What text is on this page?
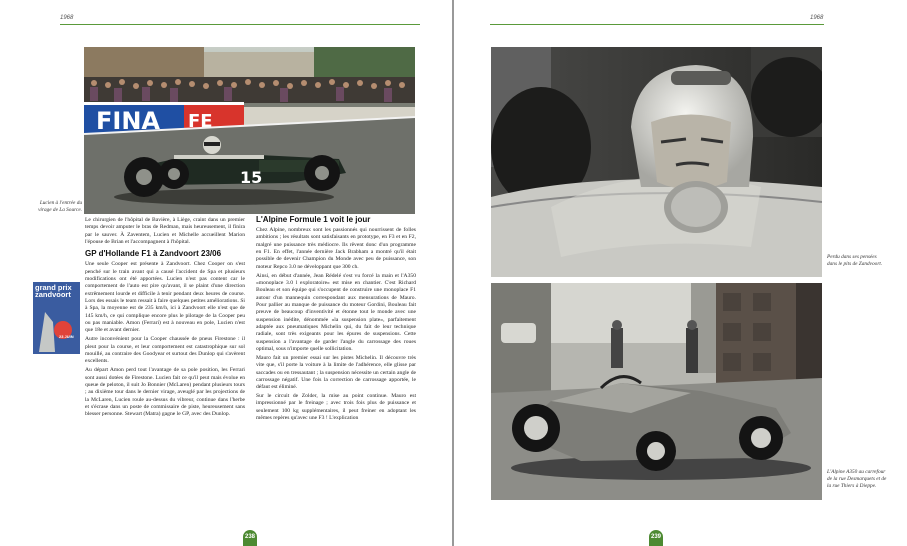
1968
FINA FE
15
Lucien à l'entrée du virage de La Source.
grand prix
zandvoort
23 JUIN

Le chirurgien de l'hôpital de Bavière, à Liège, craint dans un premier temps devoir amputer le bras de Redman, mais heureusement, il finira par le sauver. À Zaventem, Lucien et Michelle accueillent Marion l'épouse de Brian et l'accompagnent à l'hôpital.

GP d'Hollande F1 à Zandvoort 23/06

Une seule Cooper est présente à Zandvoort. Chez Cooper on s'est penché sur le train avant qui a causé l'accident de Spa et plusieurs modifications ont été apportées. Lucien n'est pas content car le comportement de l'auto est pire qu'avant, il se plaint d'une direction extrêmement lourde et difficile à tenir pendant deux heures de course. Lors des essais le team ressait à faire quelques petites améliorations. Si à Spa, la moyenne est de 235 km/h, ici à Zandvoort elle n'est que de 145 km/h, ce qui complique encore plus le pilotage de la Cooper peu ou pas maniable. Amon (Ferrari) est à nouveau en pole, Lucien n'est que 18e et avant dernier.

Autre inconvénient pour la Cooper chaussée de pneus Firestone : il pleut pour la course, et leur comportement est catastrophique sur sol mouillé, au contraire des Goodyear et surtout des Dunlop qui s'avèrent excellents.

Au départ Amon perd tout l'avantage de sa pole position, les Ferrari sont aussi dotées de Firestone. Lucien fait ce qu'il peut mais évolue en queue de peloton, il suit Jo Bonnier (McLaren) pendant plusieurs tours ; au dixième tour dans le dernier virage, aveuglé par les projections de la McLaren, Lucien roule au-dessus du vibreur, continue dans l'herbe et s'écrase dans un poste de commissaire de piste, heureusement sans blesser personne. Stewart (Matra) gagne le GP, avec des Dunlop.

L'Alpine Formule 1 voit le jour

Chez Alpine, nombreux sont les passionnés qui nourrissent de folles ambitions ; les résultats sont satisfaisants en prototype, en F3 et en F2, malgré une puissance très médiocre. Ils rêvent donc d'un programme en F1. En effet, l'année dernière Jack Brabham a montré qu'il était possible de devenir Champion du Monde avec peu de puissance, son moteur Repco 3.0 ne développant que 300 ch.

Ainsi, en début d'année, Jean Rédelé s'est vu forcé la main et l'A350 «monoplace 3.0 l exploratoire» est mise en chantier. C'est Richard Bouleau et son équipe qui s'occupent de construire une monoplace F1 autour d'un mannequin correspondant aux mensurations de Mauro. Pour pallier au manque de puissance du moteur Gordini, Bouleau fait preuve de beaucoup d'inventivité et étonne tout le monde avec une suspension inédite, dénommée «la suspension plate», parfaitement adaptée aux pneumatiques Michelin qui, du fait de leur technique radiale, sont très exigeants pour les épures de suspensions. Cette suspension a l'avantage de garder l'angle du carrossage des roues optimal, sous n'importe quelle sollicitation.

Mauro fait un premier essai sur les pistes Michelin. Il découvre très vite que, s'il porte la voiture à la limite de l'adhérence, elle glisse par saccades ou en tressautant ; la suspension nécessite un certain angle de carrossage négatif. Une fois la correction de carrossage apportée, le défaut est éliminé.

Sur le circuit de Zolder, la mise au point continue. Mauro est impressionné par le freinage ; avec trois fois plus de puissance et seulement 100 kg supplémentaires, il peut freiner en adoptant les mêmes repères qu'avec une F3 ! L'explication

238
1968
Perdu dans ses pensées dans le pits de Zandvoort.
L'Alpine A350 au carrefour de la rue Desmarquets et de la rue Thiers à Dieppe.
239
